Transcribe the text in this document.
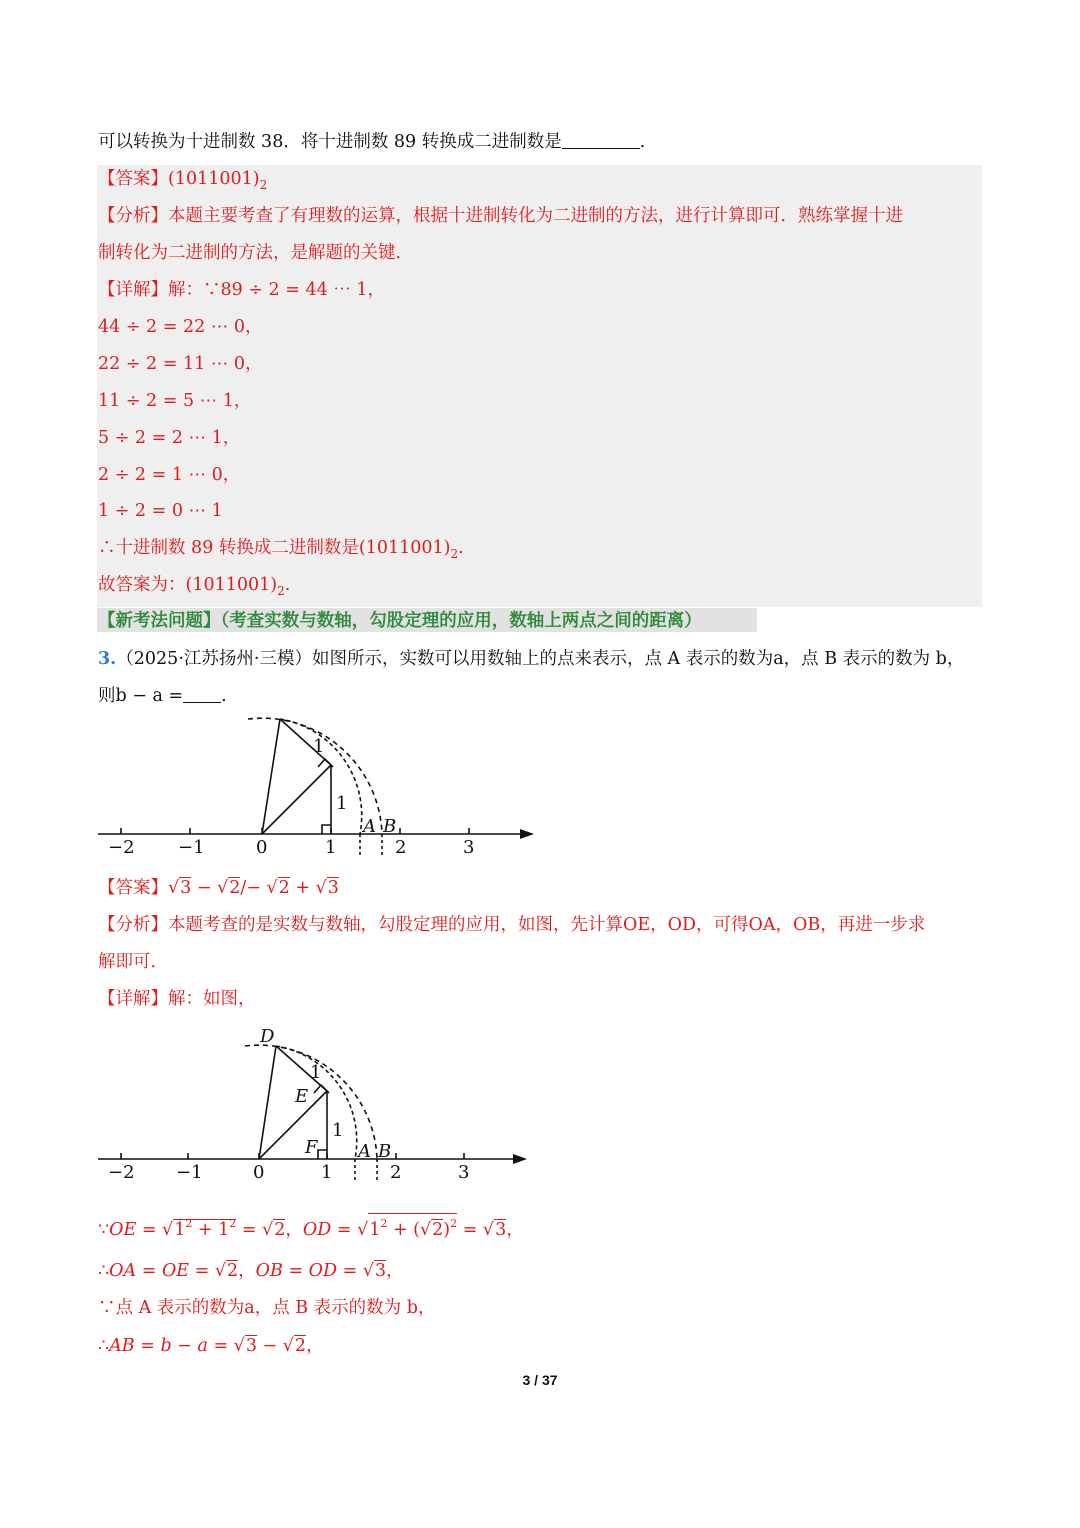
可以转换为十进制数 38．将十进制数 89 转换成二进制数是	.
【答案】$(1011001)_2$
【分析】本题主要考查了有理数的运算，根据十进制转化为二进制的方法，进行计算即可．熟练掌握十进
制转化为二进制的方法，是解题的关键．
【详解】解：∵89 ÷ 2 = 44 ⋯ 1，
44 ÷ 2 = 22 ⋯ 0，
22 ÷ 2 = 11 ⋯ 0，
11 ÷ 2 = 5 ⋯ 1，
5 ÷ 2 = 2 ⋯ 1，
2 ÷ 2 = 1 ⋯ 0，
1 ÷ 2 = 0 ⋯ 1
∴十进制数 89 转换成二进制数是$(1011001)_2$.
故答案为：$(1011001)_2$.
【新考法问题】（考查实数与数轴，勾股定理的应用，数轴上两点之间的距离）
3.（2025·江苏扬州·三模）如图所示，实数可以用数轴上的点来表示，点 A 表示的数为a，点 B 表示的数为 b，
则b − a = .
−2 −1	0	1	2	3
1
1
A B
−2 −1	0	1	2	3
1
1
D
E
F A B
【答案】√3 − √2/− √2 + √3
【分析】本题考查的是实数与数轴，勾股定理的应用，如图，先计算OE，OD，可得OA，OB，再进一步求
解即可．
【详解】解：如图，
∵OE = $√1^2 + 1^2 = √2$，OD = $√1^2 + (√2)^2 = √3$，
∴OA = OE = √2，OB = OD = √3，
∵点 A 表示的数为a，点 B 表示的数为 b，
∴AB = b − a = √3 − √2，
3 / 37
